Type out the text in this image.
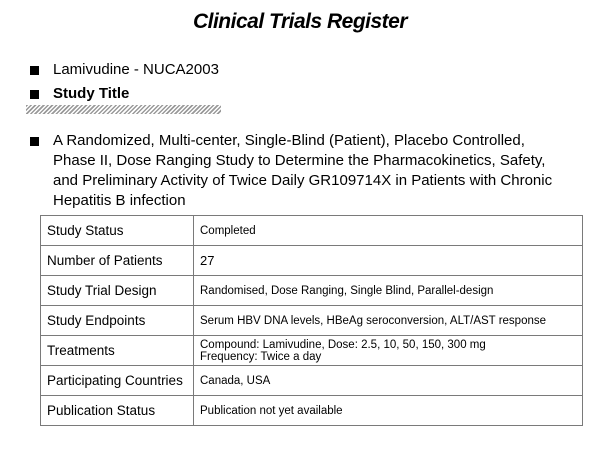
Clinical Trials Register
Lamivudine - NUCA2003
Study Title
A Randomized, Multi-center, Single-Blind (Patient), Placebo Controlled, Phase II, Dose Ranging Study to Determine the Pharmacokinetics, Safety, and Preliminary Activity of Twice Daily GR109714X in Patients with Chronic Hepatitis B infection
Study Status	Completed
Number of Patients	27
Study Trial Design	Randomised, Dose Ranging, Single Blind, Parallel-design
Study Endpoints	Serum HBV DNA levels, HBeAg seroconversion, ALT/AST response
Treatments	Compound: Lamivudine, Dose: 2.5, 10, 50, 150, 300 mg
Frequency: Twice a day

Participating Countries	Canada, USA
Publication Status	Publication not yet available
